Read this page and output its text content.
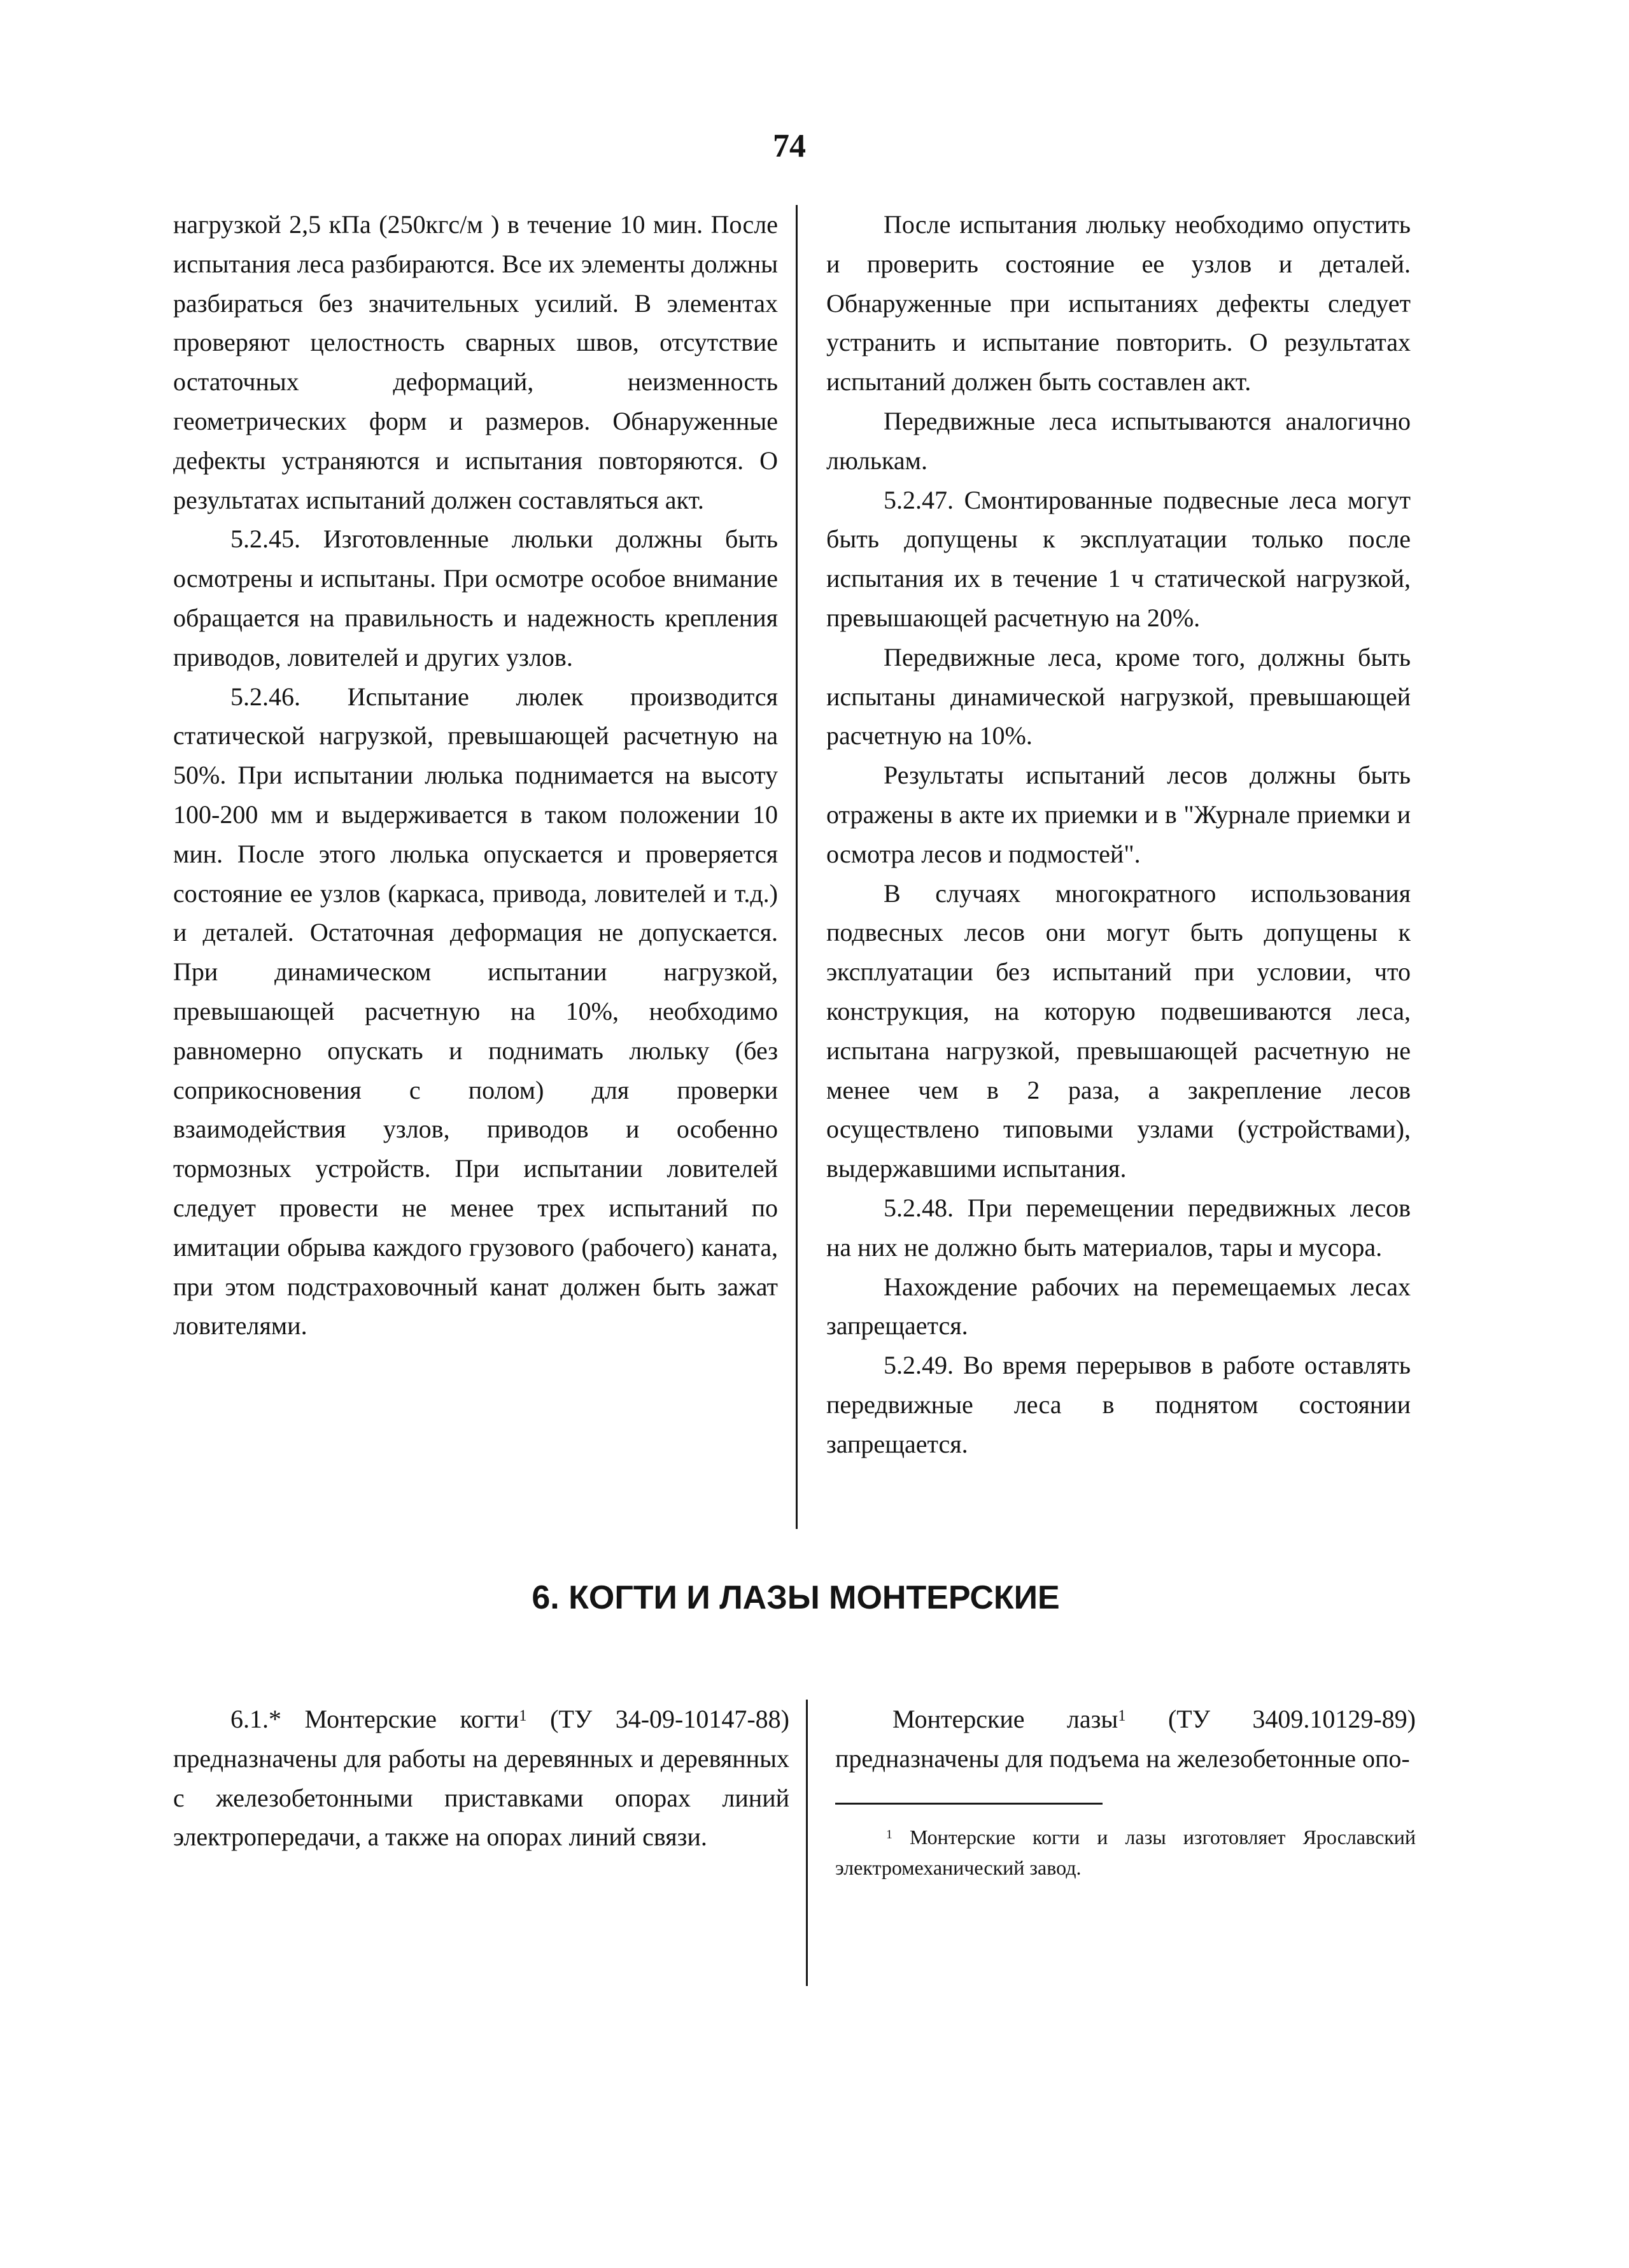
74

нагрузкой 2,5 кПа (250кгс/м ) в течение 10 мин. После испытания леса разбираются. Все их элементы должны разбираться без значительных усилий. В элементах проверяют целостность сварных швов, отсутствие остаточных деформаций, неизменность геометрических форм и размеров. Обнаруженные дефекты устраняются и испытания повторяются. О результатах испытаний должен составляться акт.

5.2.45. Изготовленные люльки должны быть осмотрены и испытаны. При осмотре особое внимание обращается на правильность и надежность крепления приводов, ловителей и других узлов.

5.2.46. Испытание люлек производится статической нагрузкой, превышающей расчетную на 50%. При испытании люлька поднимается на высоту 100-200 мм и выдерживается в таком положении 10 мин. После этого люлька опускается и проверяется состояние ее узлов (каркаса, привода, ловителей и т.д.) и деталей. Остаточная деформация не допускается. При динамическом испытании нагрузкой, превышающей расчетную на 10%, необходимо равномерно опускать и поднимать люльку (без соприкосновения с полом) для проверки взаимодействия узлов, приводов и особенно тормозных устройств. При испытании ловителей следует провести не менее трех испытаний по имитации обрыва каждого грузового (рабочего) каната, при этом подстраховочный канат должен быть зажат ловителями.

После испытания люльку необходимо опустить и проверить состояние ее узлов и деталей. Обнаруженные при испытаниях дефекты следует устранить и испытание повторить. О результатах испытаний должен быть составлен акт.

Передвижные леса испытываются аналогично люлькам.

5.2.47. Смонтированные подвесные леса могут быть допущены к эксплуатации только после испытания их в течение 1 ч статической нагрузкой, превышающей расчетную на 20%.

Передвижные леса, кроме того, должны быть испытаны динамической нагрузкой, превышающей расчетную на 10%.

Результаты испытаний лесов должны быть отражены в акте их приемки и в "Журнале приемки и осмотра лесов и подмостей".

В случаях многократного использования подвесных лесов они могут быть допущены к эксплуатации без испытаний при условии, что конструкция, на которую подвешиваются леса, испытана нагрузкой, превышающей расчетную не менее чем в 2 раза, а закрепление лесов осуществлено типовыми узлами (устройствами), выдержавшими испытания.

5.2.48. При перемещении передвижных лесов на них не должно быть материалов, тары и мусора.

Нахождение рабочих на перемещаемых лесах запрещается.

5.2.49. Во время перерывов в работе оставлять передвижные леса в поднятом состоянии запрещается.

6. КОГТИ И ЛАЗЫ МОНТЕРСКИЕ

6.1.* Монтерские когти$^1$ (ТУ 34-09-10147-88) предназначены для работы на деревянных и деревянных с железобетонными приставками опорах линий электропередачи, а также на опорах линий связи.

Монтерские лазы$^1$ (ТУ 3409.10129-89) предназначены для подъема на железобетонные опо-

$^1$ Монтерские когти и лазы изготовляет Ярославский электромеханический завод.
